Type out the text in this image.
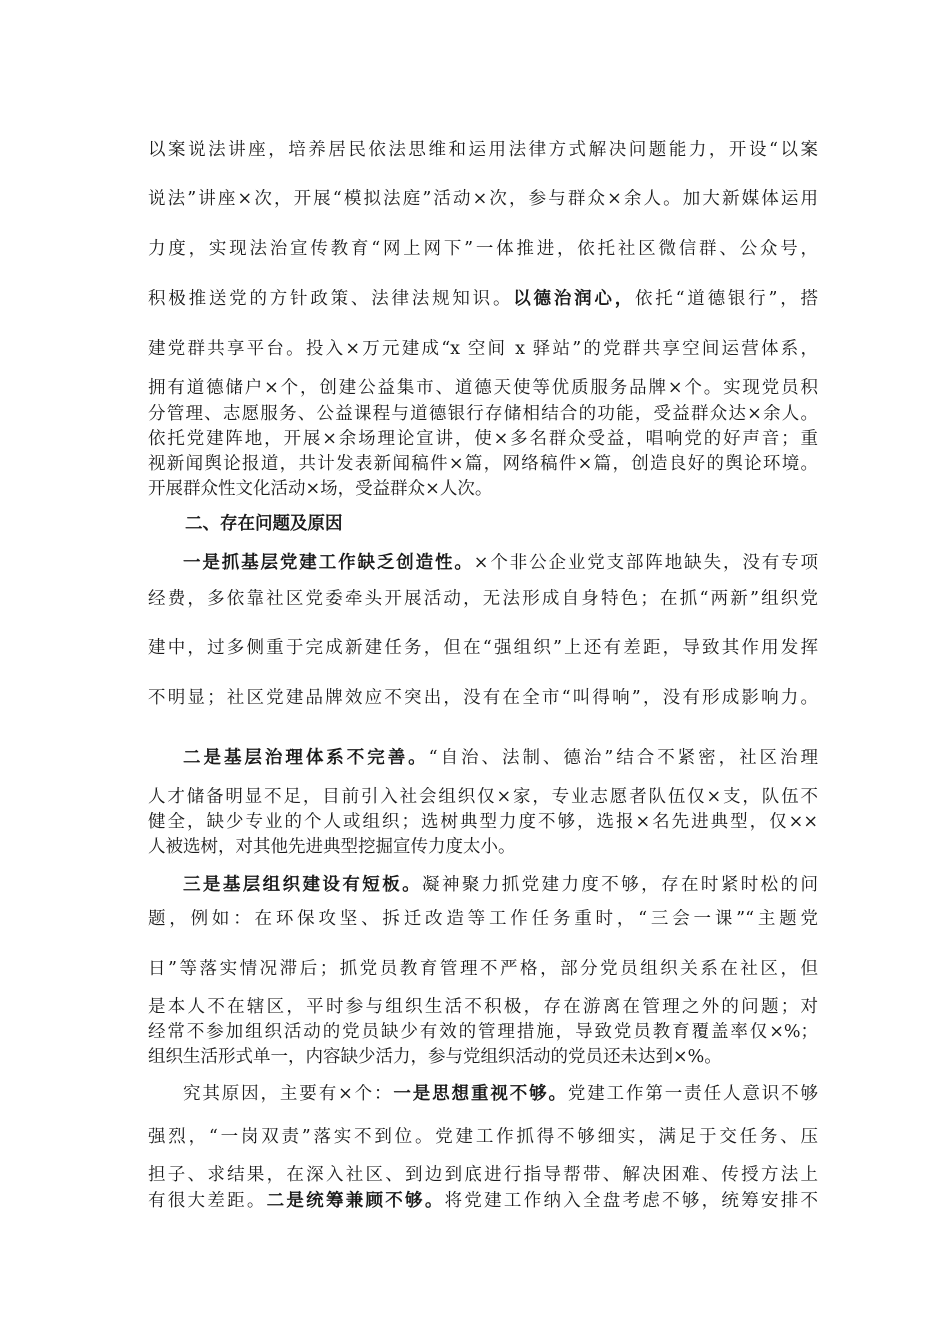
以案说法讲座，培养居民依法思维和运用法律方式解决问题能力，开设“以案
说法”讲座×次，开展“模拟法庭”活动×次，参与群众×余人。加大新媒体运用
力度，实现法治宣传教育“网上网下”一体推进，依托社区微信群、公众号，
积极推送党的方针政策、法律法规知识。以德治润心，依托“道德银行”，搭
建党群共享平台。投入×万元建成“x 空间 x 驿站”的党群共享空间运营体系，
拥有道德储户×个，创建公益集市、道德天使等优质服务品牌×个。实现党员积
分管理、志愿服务、公益课程与道德银行存储相结合的功能，受益群众达×余人。
依托党建阵地，开展×余场理论宣讲，使×多名群众受益，唱响党的好声音；重
视新闻舆论报道，共计发表新闻稿件×篇，网络稿件×篇，创造良好的舆论环境。
开展群众性文化活动×场，受益群众×人次。
二、存在问题及原因
一是抓基层党建工作缺乏创造性。×个非公企业党支部阵地缺失，没有专项
经费，多依靠社区党委牵头开展活动，无法形成自身特色；在抓“两新”组织党
建中，过多侧重于完成新建任务，但在“强组织”上还有差距，导致其作用发挥
不明显；社区党建品牌效应不突出，没有在全市“叫得响”，没有形成影响力。
二是基层治理体系不完善。“自治、法制、德治”结合不紧密，社区治理
人才储备明显不足，目前引入社会组织仅×家，专业志愿者队伍仅×支，队伍不
健全，缺少专业的个人或组织；选树典型力度不够，选报×名先进典型，仅××
人被选树，对其他先进典型挖掘宣传力度太小。
三是基层组织建设有短板。凝神聚力抓党建力度不够，存在时紧时松的问
题，例如：在环保攻坚、拆迁改造等工作任务重时，“三会一课”“主题党
日”等落实情况滞后；抓党员教育管理不严格，部分党员组织关系在社区，但
是本人不在辖区，平时参与组织生活不积极，存在游离在管理之外的问题；对
经常不参加组织活动的党员缺少有效的管理措施，导致党员教育覆盖率仅×%；
组织生活形式单一，内容缺少活力，参与党组织活动的党员还未达到×%。
究其原因，主要有×个：一是思想重视不够。党建工作第一责任人意识不够
强烈，“一岗双责”落实不到位。党建工作抓得不够细实，满足于交任务、压
担子、求结果，在深入社区、到边到底进行指导帮带、解决困难、传授方法上
有很大差距。二是统筹兼顾不够。将党建工作纳入全盘考虑不够，统筹安排不
